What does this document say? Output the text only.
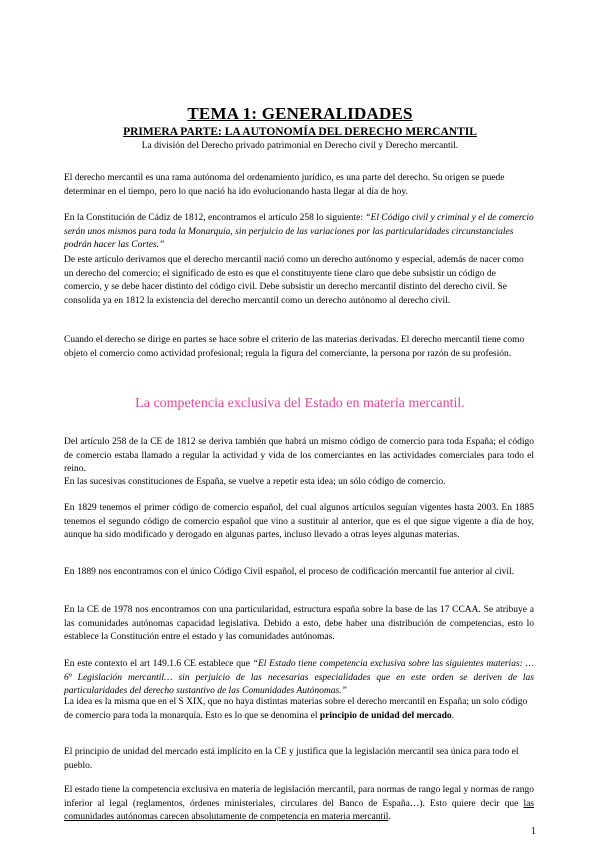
TEMA 1: GENERALIDADES
PRIMERA PARTE: LA AUTONOMÍA DEL DERECHO MERCANTIL
La división del Derecho privado patrimonial en Derecho civil y Derecho mercantil.

El derecho mercantil es una rama autónoma del ordenamiento jurídico, es una parte del derecho. Su origen se puede determinar en el tiempo, pero lo que nació ha ido evolucionando hasta llegar al día de hoy.

En la Constitución de Cádiz de 1812, encontramos el artículo 258 lo siguiente: “El Código civil y criminal y el de comercio serán unos mismos para toda la Monarquía, sin perjuicio de las variaciones por las particularidades circunstanciales podrán hacer las Cortes.”

De este artículo derivamos que el derecho mercantil nació como un derecho autónomo y especial, además de nacer como un derecho del comercio; el significado de esto es que el constituyente tiene claro que debe subsistir un código de comercio, y se debe hacer distinto del código civil. Debe subsistir un derecho mercantil distinto del derecho civil. Se consolida ya en 1812 la existencia del derecho mercantil como un derecho autónomo al derecho civil.

Cuando el derecho se dirige en partes se hace sobre el criterio de las materias derivadas. El derecho mercantil tiene como objeto el comercio como actividad profesional; regula la figura del comerciante, la persona por razón de su profesión.

La competencia exclusiva del Estado en materia mercantil.

Del artículo 258 de la CE de 1812 se deriva también que habrá un mismo código de comercio para toda España; el código de comercio estaba llamado a regular la actividad y vida de los comerciantes en las actividades comerciales para todo el reino.

En las sucesivas constituciones de España, se vuelve a repetir esta idea; un sólo código de comercio.

En 1829 tenemos el primer código de comercio español, del cual algunos artículos seguían vigentes hasta 2003. En 1885 tenemos el segundo código de comercio español que vino a sustituir al anterior, que es el que sigue vigente a día de hoy, aunque ha sido modificado y derogado en algunas partes, incluso llevado a otras leyes algunas materias.

En 1889 nos encontramos con el único Código Civil español, el proceso de codificación mercantil fue anterior al civil.

En la CE de 1978 nos encontramos con una particularidad, estructura españa sobre la base de las 17 CCAA. Se atribuye a las comunidades autónomas capacidad legislativa. Debido a esto, debe haber una distribución de competencias, esto lo establece la Constitución entre el estado y las comunidades autónomas.

En este contexto el art 149.1.6 CE establece que “El Estado tiene competencia exclusiva sobre las siguientes materias: … 6º Legislación mercantil… sin perjuicio de las necesarias especialidades que en este orden se deriven de las particularidades del derecho sustantivo de las Comunidades Autónomas.”

La idea es la misma que en el S XIX, que no haya distintas materias sobre el derecho mercantil en España; un solo código de comercio para toda la monarquía. Esto es lo que se denomina el principio de unidad del mercado.

El principio de unidad del mercado está implícito en la CE y justifica que la legislación mercantil sea única para todo el pueblo.

El estado tiene la competencia exclusiva en materia de legislación mercantil, para normas de rango legal y normas de rango inferior al legal (reglamentos, órdenes ministeriales, circulares del Banco de España…). Esto quiere decir que las comunidades autónomas carecen absolutamente de competencia en materia mercantil.

1
